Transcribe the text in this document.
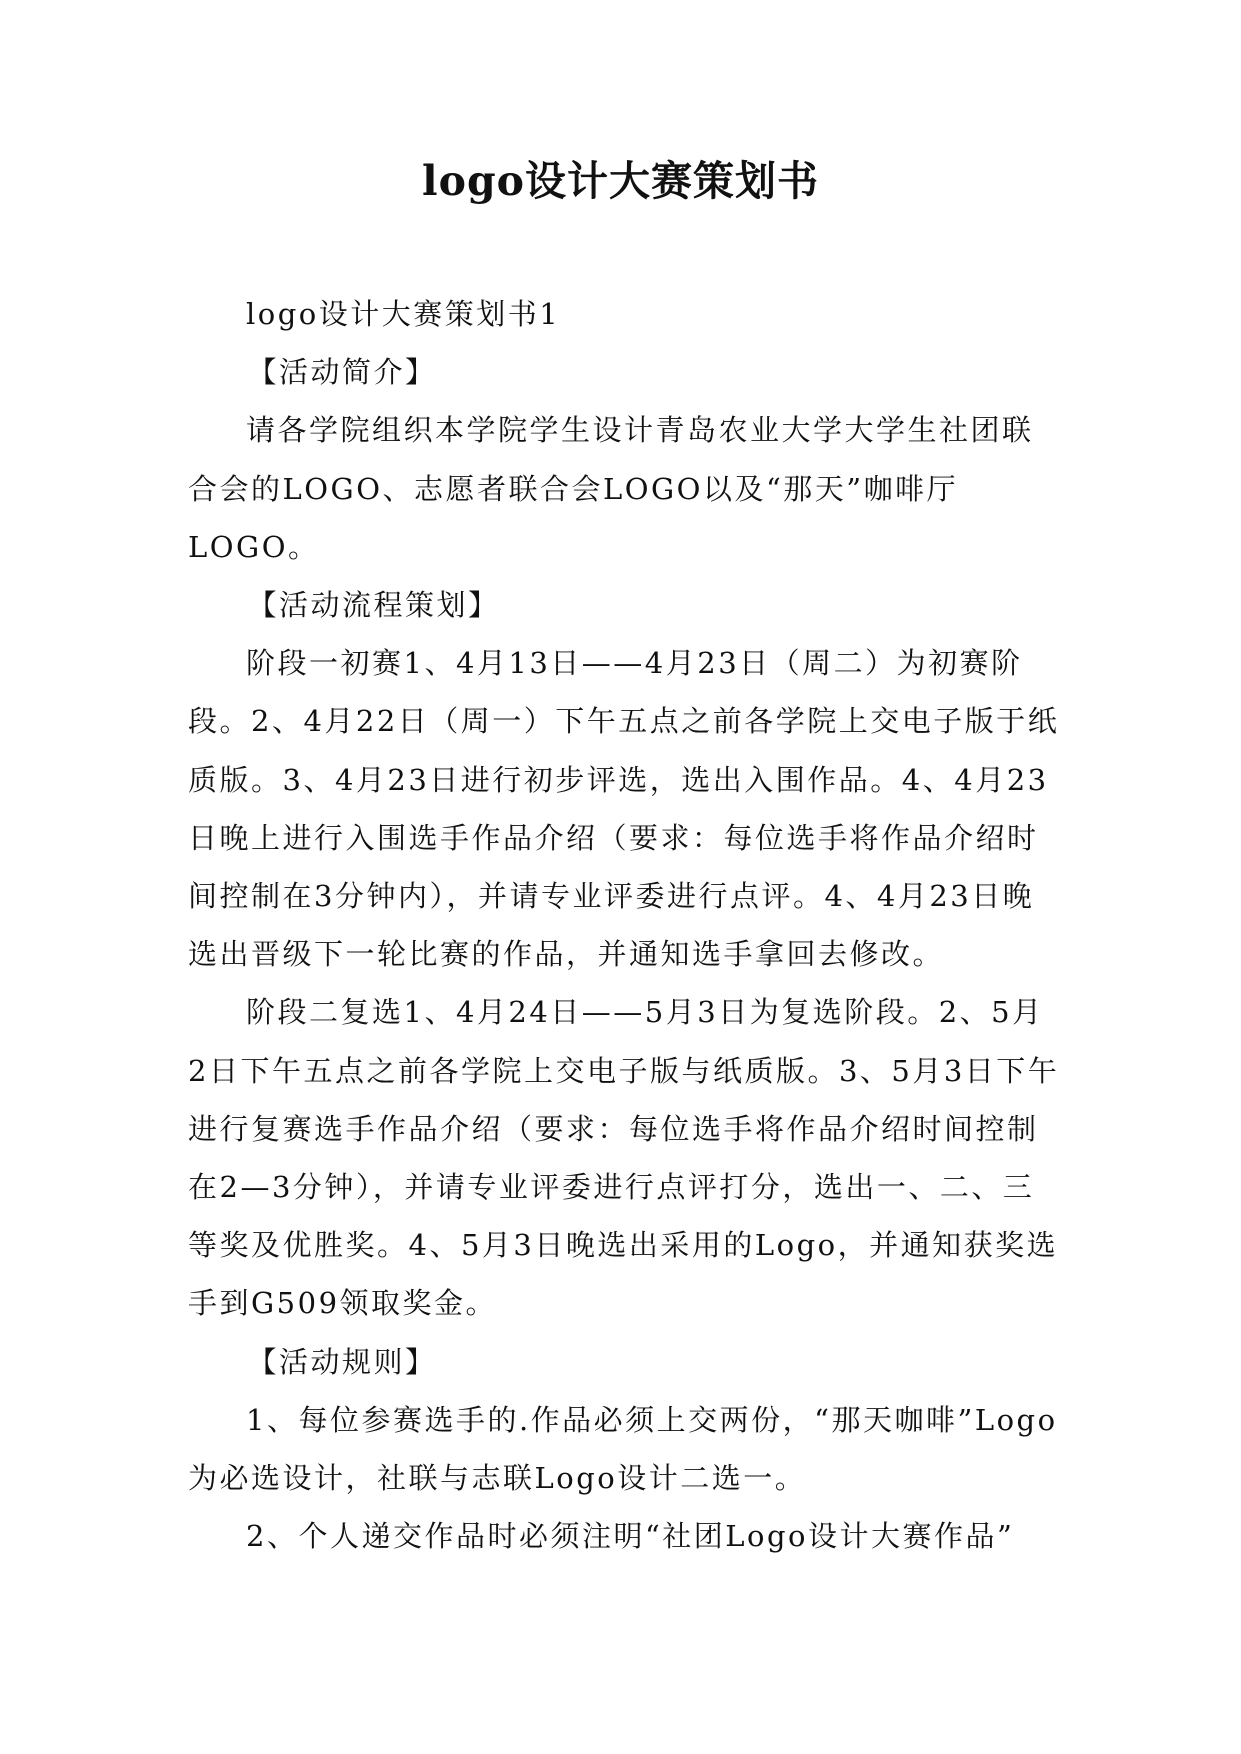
logo设计大赛策划书

logo设计大赛策划书1

【活动简介】

请各学院组织本学院学生设计青岛农业大学大学生社团联合会的LOGO、志愿者联合会LOGO以及“那天”咖啡厅LOGO。

【活动流程策划】

阶段一初赛1、4月13日——4月23日（周二）为初赛阶段。2、4月22日（周一）下午五点之前各学院上交电子版于纸质版。3、4月23日进行初步评选，选出入围作品。4、4月23日晚上进行入围选手作品介绍（要求：每位选手将作品介绍时间控制在3分钟内），并请专业评委进行点评。4、4月23日晚选出晋级下一轮比赛的作品，并通知选手拿回去修改。

阶段二复选1、4月24日——5月3日为复选阶段。2、5月2日下午五点之前各学院上交电子版与纸质版。3、5月3日下午进行复赛选手作品介绍（要求：每位选手将作品介绍时间控制在2—3分钟），并请专业评委进行点评打分，选出一、二、三等奖及优胜奖。4、5月3日晚选出采用的Logo，并通知获奖选手到G509领取奖金。

【活动规则】

1、每位参赛选手的.作品必须上交两份，“那天咖啡”Logo为必选设计，社联与志联Logo设计二选一。

2、个人递交作品时必须注明“社团Logo设计大赛作品”
